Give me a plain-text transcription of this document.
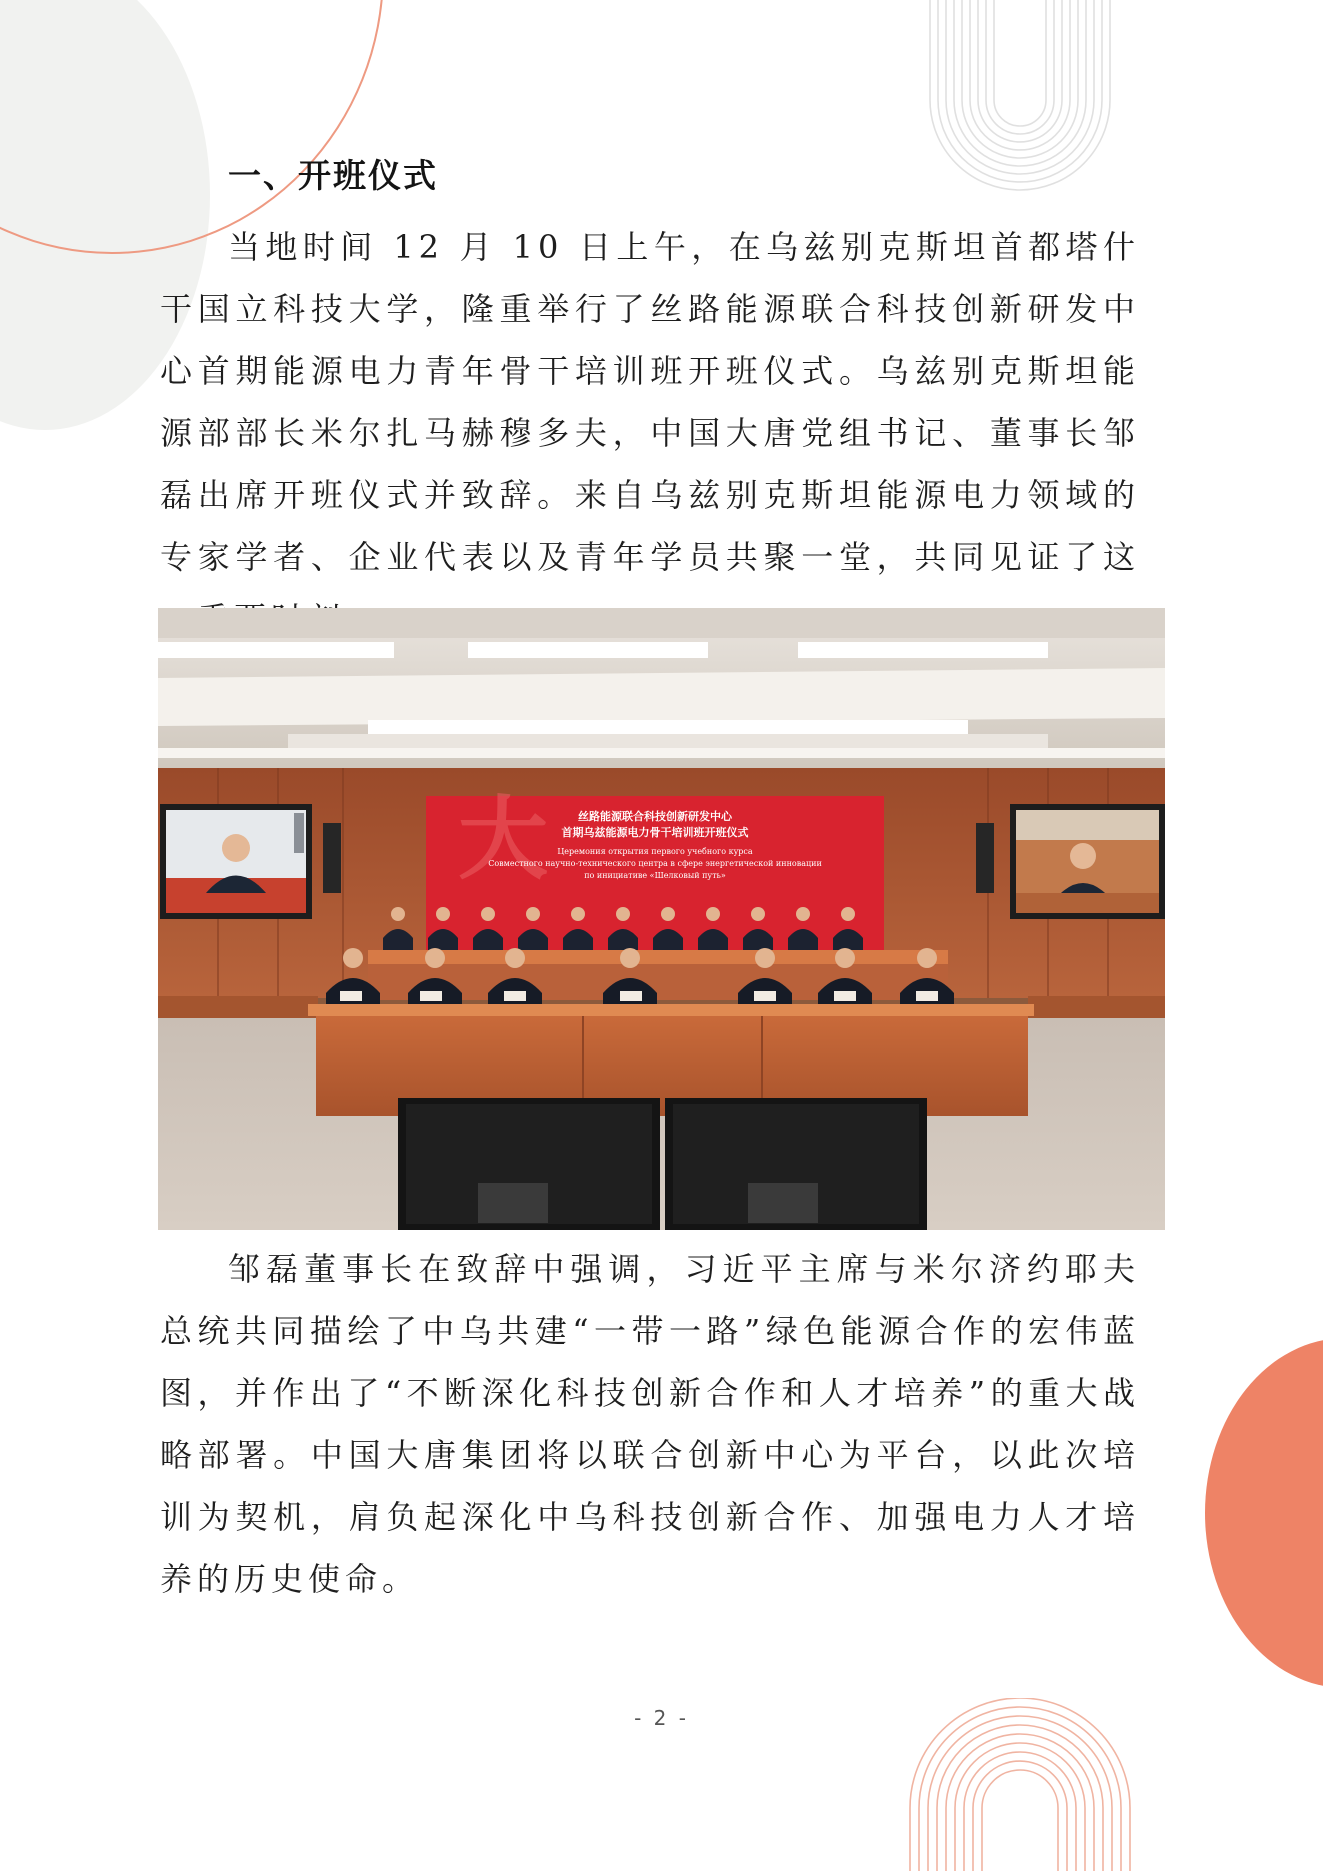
一、开班仪式

当地时间 12 月 10 日上午，在乌兹别克斯坦首都塔什干国立科技大学，隆重举行了丝路能源联合科技创新研发中心首期能源电力青年骨干培训班开班仪式。乌兹别克斯坦能源部部长米尔扎马赫穆多夫，中国大唐党组书记、董事长邹磊出席开班仪式并致辞。来自乌兹别克斯坦能源电力领域的专家学者、企业代表以及青年学员共聚一堂，共同见证了这

大	丝路能源联合科技创新研发中心
首期乌兹能源电力骨干培训班开班仪式
Церемония открытия первого учебного курса
Совместного научно-технического центра в сфере энергетической инновации
по инициативе «Шелковый путь»

邹磊董事长在致辞中强调，习近平主席与米尔济约耶夫总统共同描绘了中乌共建“一带一路”绿色能源合作的宏伟蓝图，并作出了“不断深化科技创新合作和人才培养”的重大战略部署。中国大唐集团将以联合创新中心为平台，以此次培训为契机，肩负起深化中乌科技创新合作、加强电力人才培养的历史使命。

- 2 -
